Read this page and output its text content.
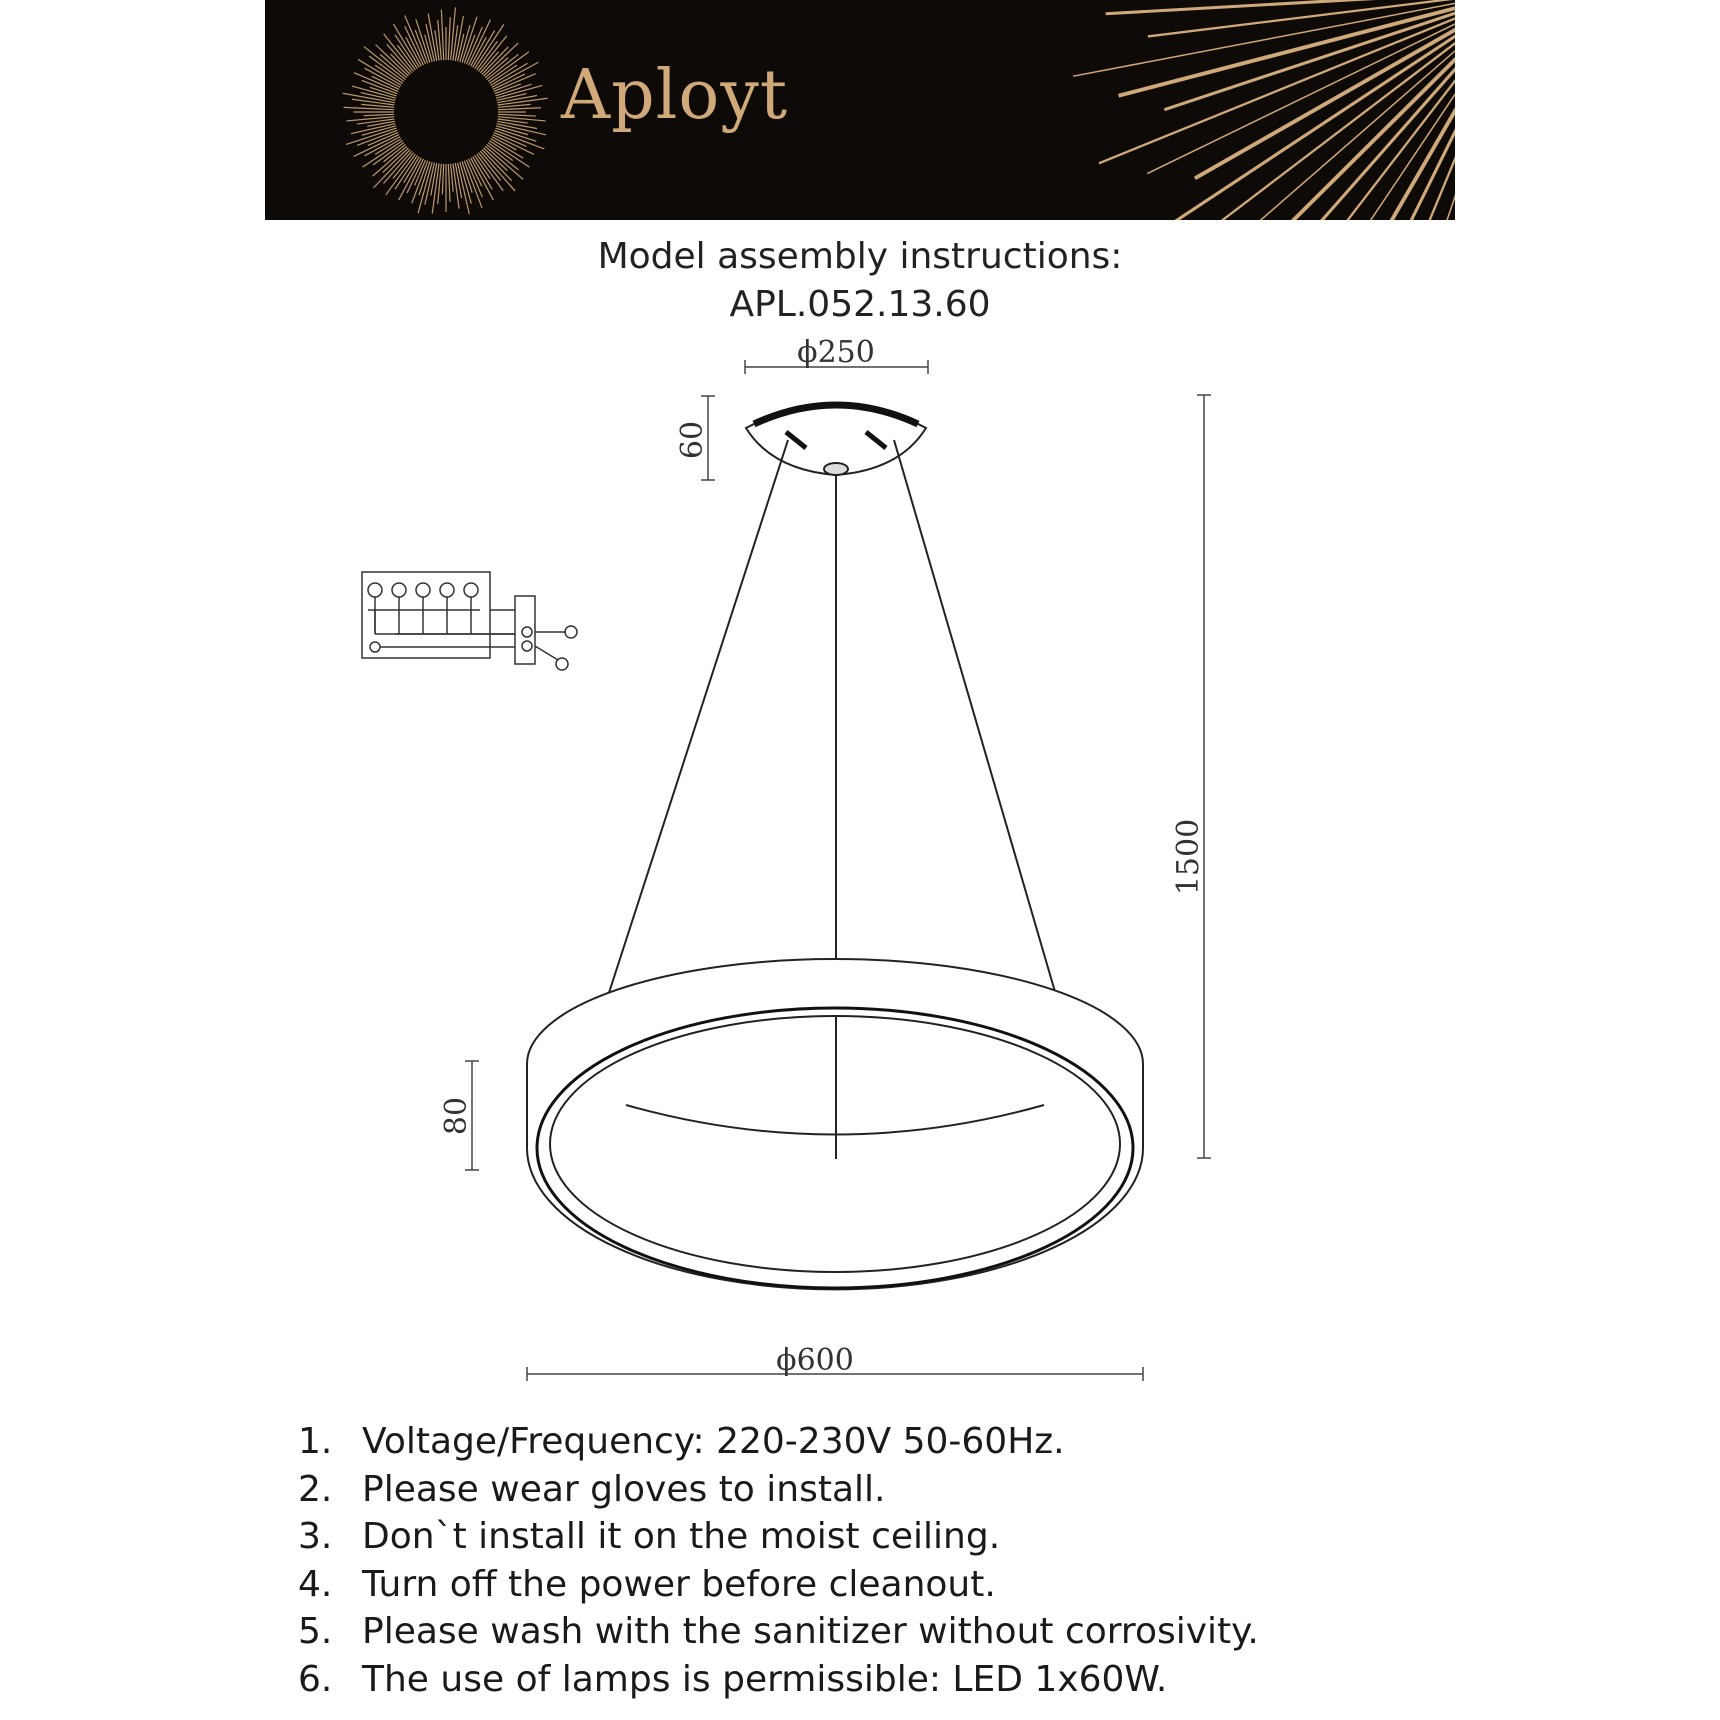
Aployt
Model assembly instructions:
APL.052.13.60
ϕ250
60
1500
80
ϕ600
1. Voltage/Frequency: 220-230V 50-60Hz.
2. Please wear gloves to install.
3. Don`t install it on the moist ceiling.
4. Turn off the power before cleanout.
5. Please wash with the sanitizer without corrosivity.
6. The use of lamps is permissible: LED 1x60W.
